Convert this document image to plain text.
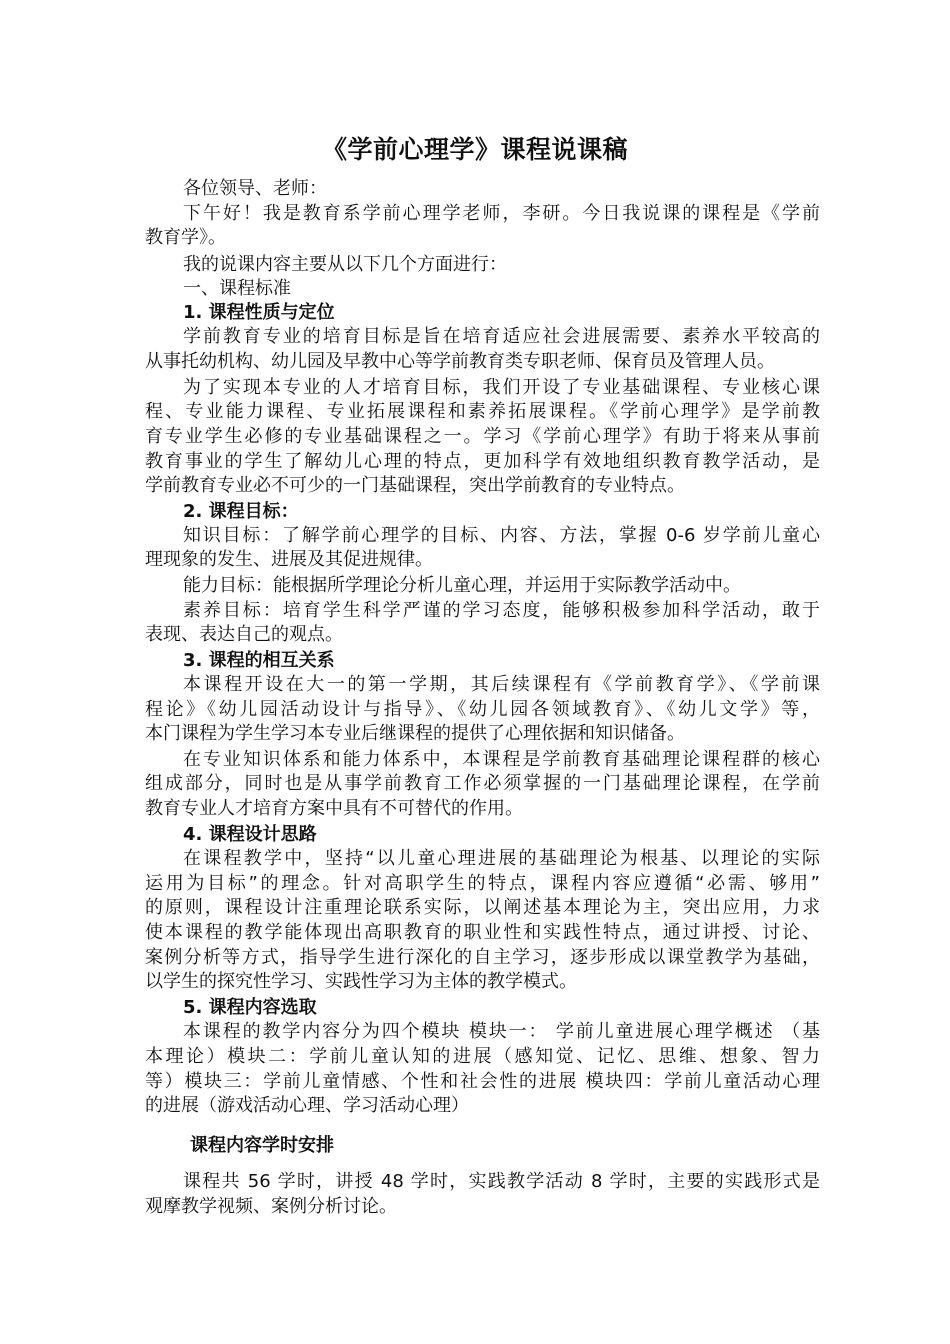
《学前心理学》课程说课稿
各位领导、老师：
下午好！我是教育系学前心理学老师，李研。今日我说课的课程是《学前
教育学》。
我的说课内容主要从以下几个方面进行：
一、课程标准
1. 课程性质与定位
学前教育专业的培育目标是旨在培育适应社会进展需要、素养水平较高的
从事托幼机构、幼儿园及早教中心等学前教育类专职老师、保育员及管理人员。
为了实现本专业的人才培育目标，我们开设了专业基础课程、专业核心课
程、专业能力课程、专业拓展课程和素养拓展课程。《学前心理学》是学前教
育专业学生必修的专业基础课程之一。学习《学前心理学》有助于将来从事前
教育事业的学生了解幼儿心理的特点，更加科学有效地组织教育教学活动，是
学前教育专业必不可少的一门基础课程，突出学前教育的专业特点。
2. 课程目标：
知识目标：了解学前心理学的目标、内容、方法，掌握 0-6 岁学前儿童心
理现象的发生、进展及其促进规律。
能力目标：能根据所学理论分析儿童心理，并运用于实际教学活动中。
素养目标：培育学生科学严谨的学习态度，能够积极参加科学活动，敢于
表现、表达自己的观点。
3. 课程的相互关系
本课程开设在大一的第一学期，其后续课程有《学前教育学》、《学前课
程论》《幼儿园活动设计与指导》、《幼儿园各领域教育》、《幼儿文学》等，
本门课程为学生学习本专业后继课程的提供了心理依据和知识储备。
在专业知识体系和能力体系中，本课程是学前教育基础理论课程群的核心
组成部分，同时也是从事学前教育工作必须掌握的一门基础理论课程，在学前
教育专业人才培育方案中具有不可替代的作用。
4. 课程设计思路
在课程教学中，坚持“以儿童心理进展的基础理论为根基、以理论的实际
运用为目标”的理念。针对高职学生的特点，课程内容应遵循“必需、够用”
的原则，课程设计注重理论联系实际，以阐述基本理论为主，突出应用，力求
使本课程的教学能体现出高职教育的职业性和实践性特点，通过讲授、讨论、
案例分析等方式，指导学生进行深化的自主学习，逐步形成以课堂教学为基础，
以学生的探究性学习、实践性学习为主体的教学模式。
5. 课程内容选取
本课程的教学内容分为四个模块 模块一： 学前儿童进展心理学概述 （基
本理论）模块二：学前儿童认知的进展（感知觉、记忆、思维、想象、智力
等）模块三：学前儿童情感、个性和社会性的进展 模块四：学前儿童活动心理
的进展（游戏活动心理、学习活动心理）
课程内容学时安排
课程共 56 学时，讲授 48 学时，实践教学活动 8 学时，主要的实践形式是
观摩教学视频、案例分析讨论。
